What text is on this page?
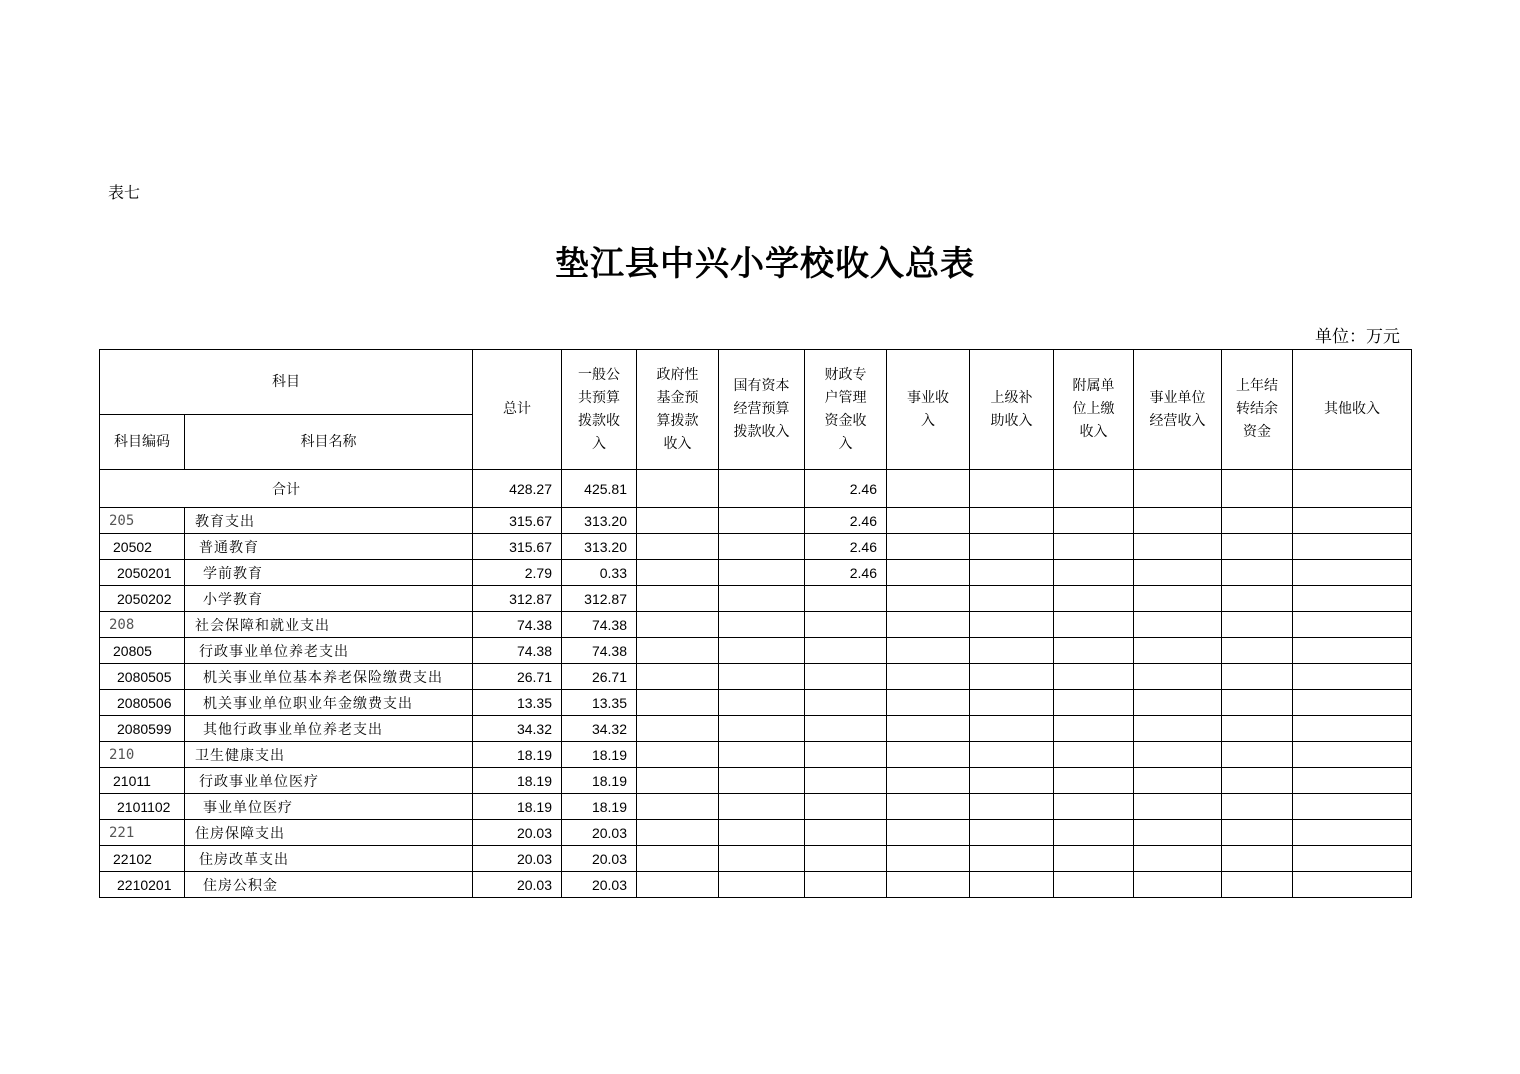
表七
垫江县中兴小学校收入总表
单位：万元
科目		总计	一般公共预算拨款收入	政府性基金预算拨款收入	国有资本经营预算拨款收入	财政专户管理资金收入	事业收入	上级补助收入	附属单位上缴收入	事业单位经营收入	上年结转结余资金	其他收入

科目编码	科目名称											
合计		428.27	425.81			2.46						
205	教育支出	315.67	313.20			2.46						
20502	普通教育	315.67	313.20			2.46						
2050201	学前教育	2.79	0.33			2.46						
2050202	小学教育	312.87	312.87									
208	社会保障和就业支出	74.38	74.38									
20805	行政事业单位养老支出	74.38	74.38									
2080505	机关事业单位基本养老保险缴费支出	26.71	26.71									
2080506	机关事业单位职业年金缴费支出	13.35	13.35									
2080599	其他行政事业单位养老支出	34.32	34.32									
210	卫生健康支出	18.19	18.19									
21011	行政事业单位医疗	18.19	18.19									
2101102	事业单位医疗	18.19	18.19									
221	住房保障支出	20.03	20.03									
22102	住房改革支出	20.03	20.03									
2210201	住房公积金	20.03	20.03									
